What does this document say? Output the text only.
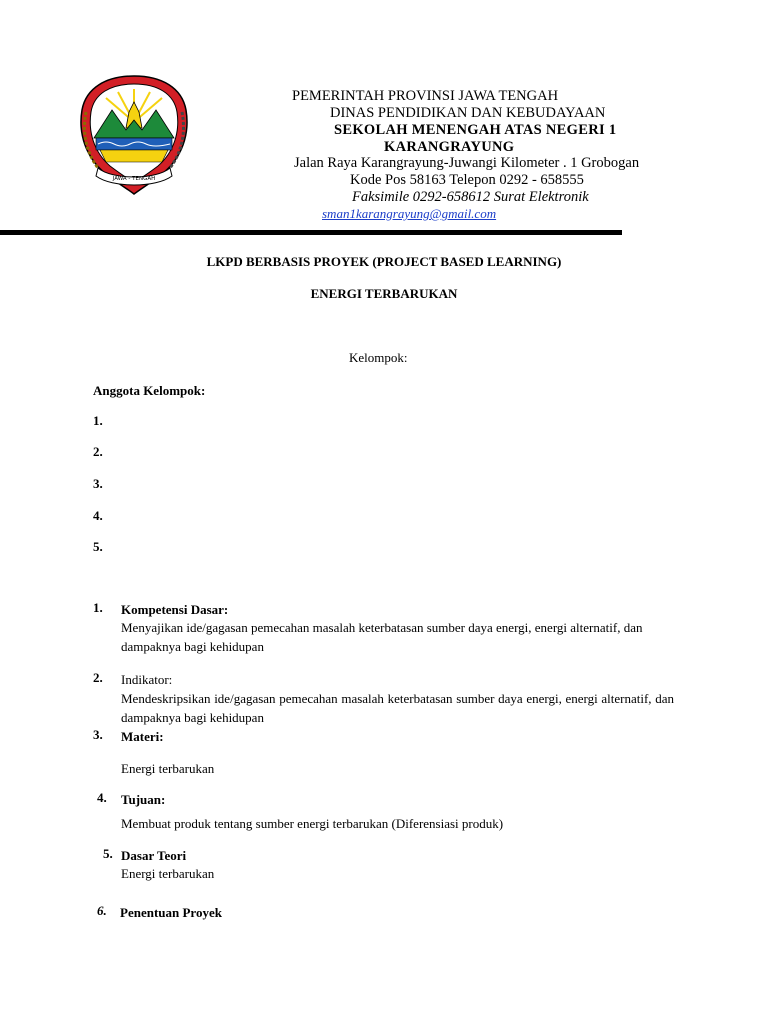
JAWA - TENGAH
PEMERINTAH PROVINSI JAWA TENGAH
DINAS PENDIDIKAN DAN KEBUDAYAAN
SEKOLAH MENENGAH ATAS NEGERI 1
KARANGRAYUNG
Jalan Raya Karangrayung-Juwangi Kilometer . 1 Grobogan
Kode Pos 58163 Telepon 0292 - 658555
Faksimile 0292-658612 Surat Elektronik
sman1karangrayung@gmail.com
LKPD BERBASIS PROYEK (PROJECT BASED LEARNING)
ENERGI TERBARUKAN
Kelompok:
Anggota Kelompok:
1.
2.
3.
4.
5.
1. Kompetensi Dasar:
Menyajikan ide/gagasan pemecahan masalah keterbatasan sumber daya energi, energi alternatif, dan dampaknya bagi kehidupan
2. Indikator:
Mendeskripsikan ide/gagasan pemecahan masalah keterbatasan sumber daya energi, energi alternatif, dan dampaknya bagi kehidupan
3. Materi:
Energi terbarukan
4. Tujuan:
Membuat produk tentang sumber energi terbarukan (Diferensiasi produk)
5. Dasar Teori
Energi terbarukan
6. Penentuan Proyek
